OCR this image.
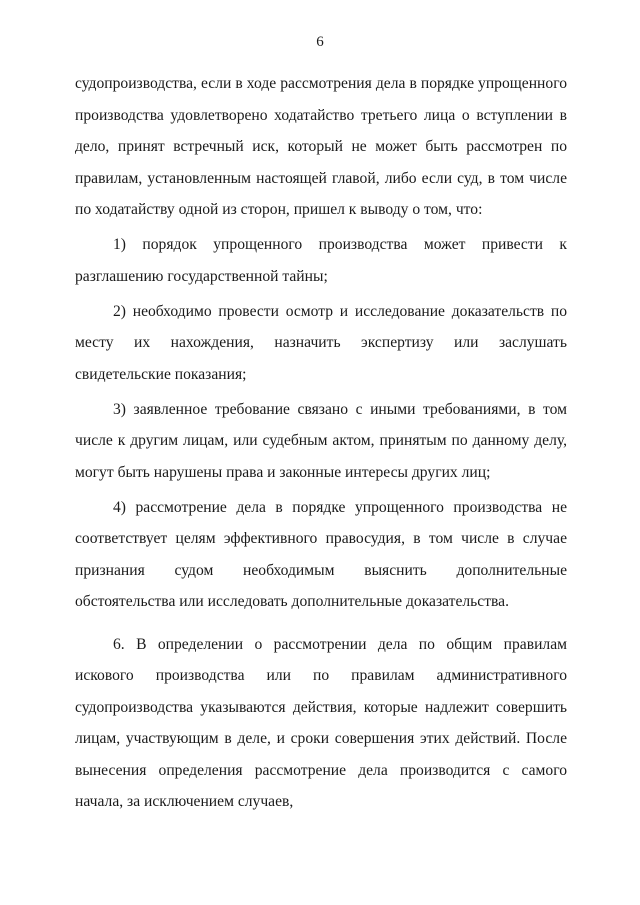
6

судопроизводства, если в ходе рассмотрения дела в порядке упрощенного производства удовлетворено ходатайство третьего лица о вступлении в дело, принят встречный иск, который не может быть рассмотрен по правилам, установленным настоящей главой, либо если суд, в том числе по ходатайству одной из сторон, пришел к выводу о том, что:

1) порядок упрощенного производства может привести к разглашению государственной тайны;

2) необходимо провести осмотр и исследование доказательств по месту их нахождения, назначить экспертизу или заслушать свидетельские показания;

3) заявленное требование связано с иными требованиями, в том числе к другим лицам, или судебным актом, принятым по данному делу, могут быть нарушены права и законные интересы других лиц;

4) рассмотрение дела в порядке упрощенного производства не соответствует целям эффективного правосудия, в том числе в случае признания судом необходимым выяснить дополнительные обстоятельства или исследовать дополнительные доказательства.

6. В определении о рассмотрении дела по общим правилам искового производства или по правилам административного судопроизводства указываются действия, которые надлежит совершить лицам, участвующим в деле, и сроки совершения этих действий. После вынесения определения рассмотрение дела производится с самого начала, за исключением случаев,
